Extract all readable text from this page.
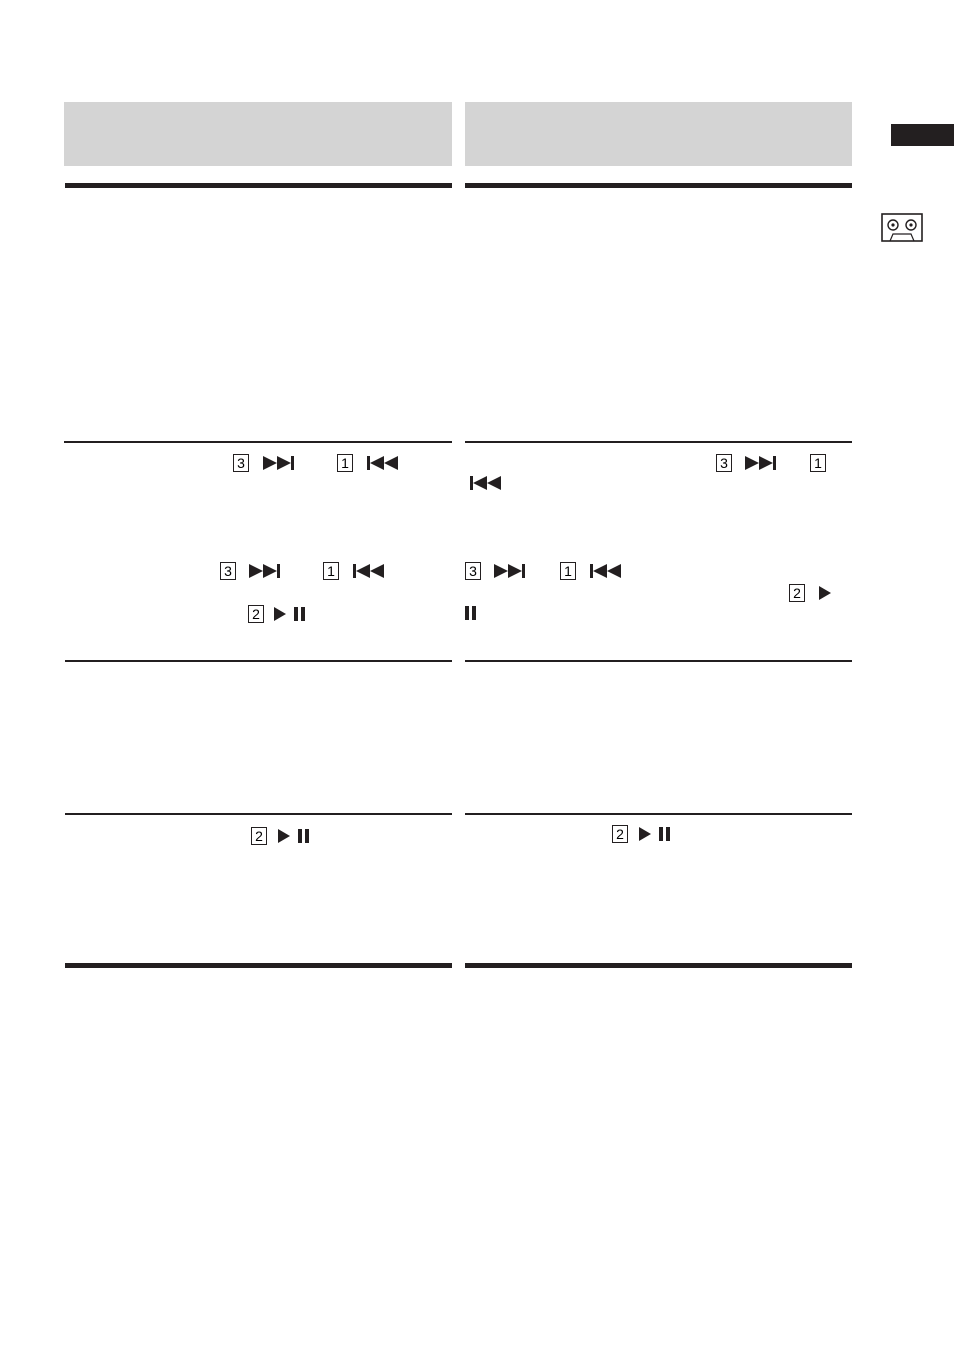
3	1
3	1
2
2
3	1
3	1
2
2
